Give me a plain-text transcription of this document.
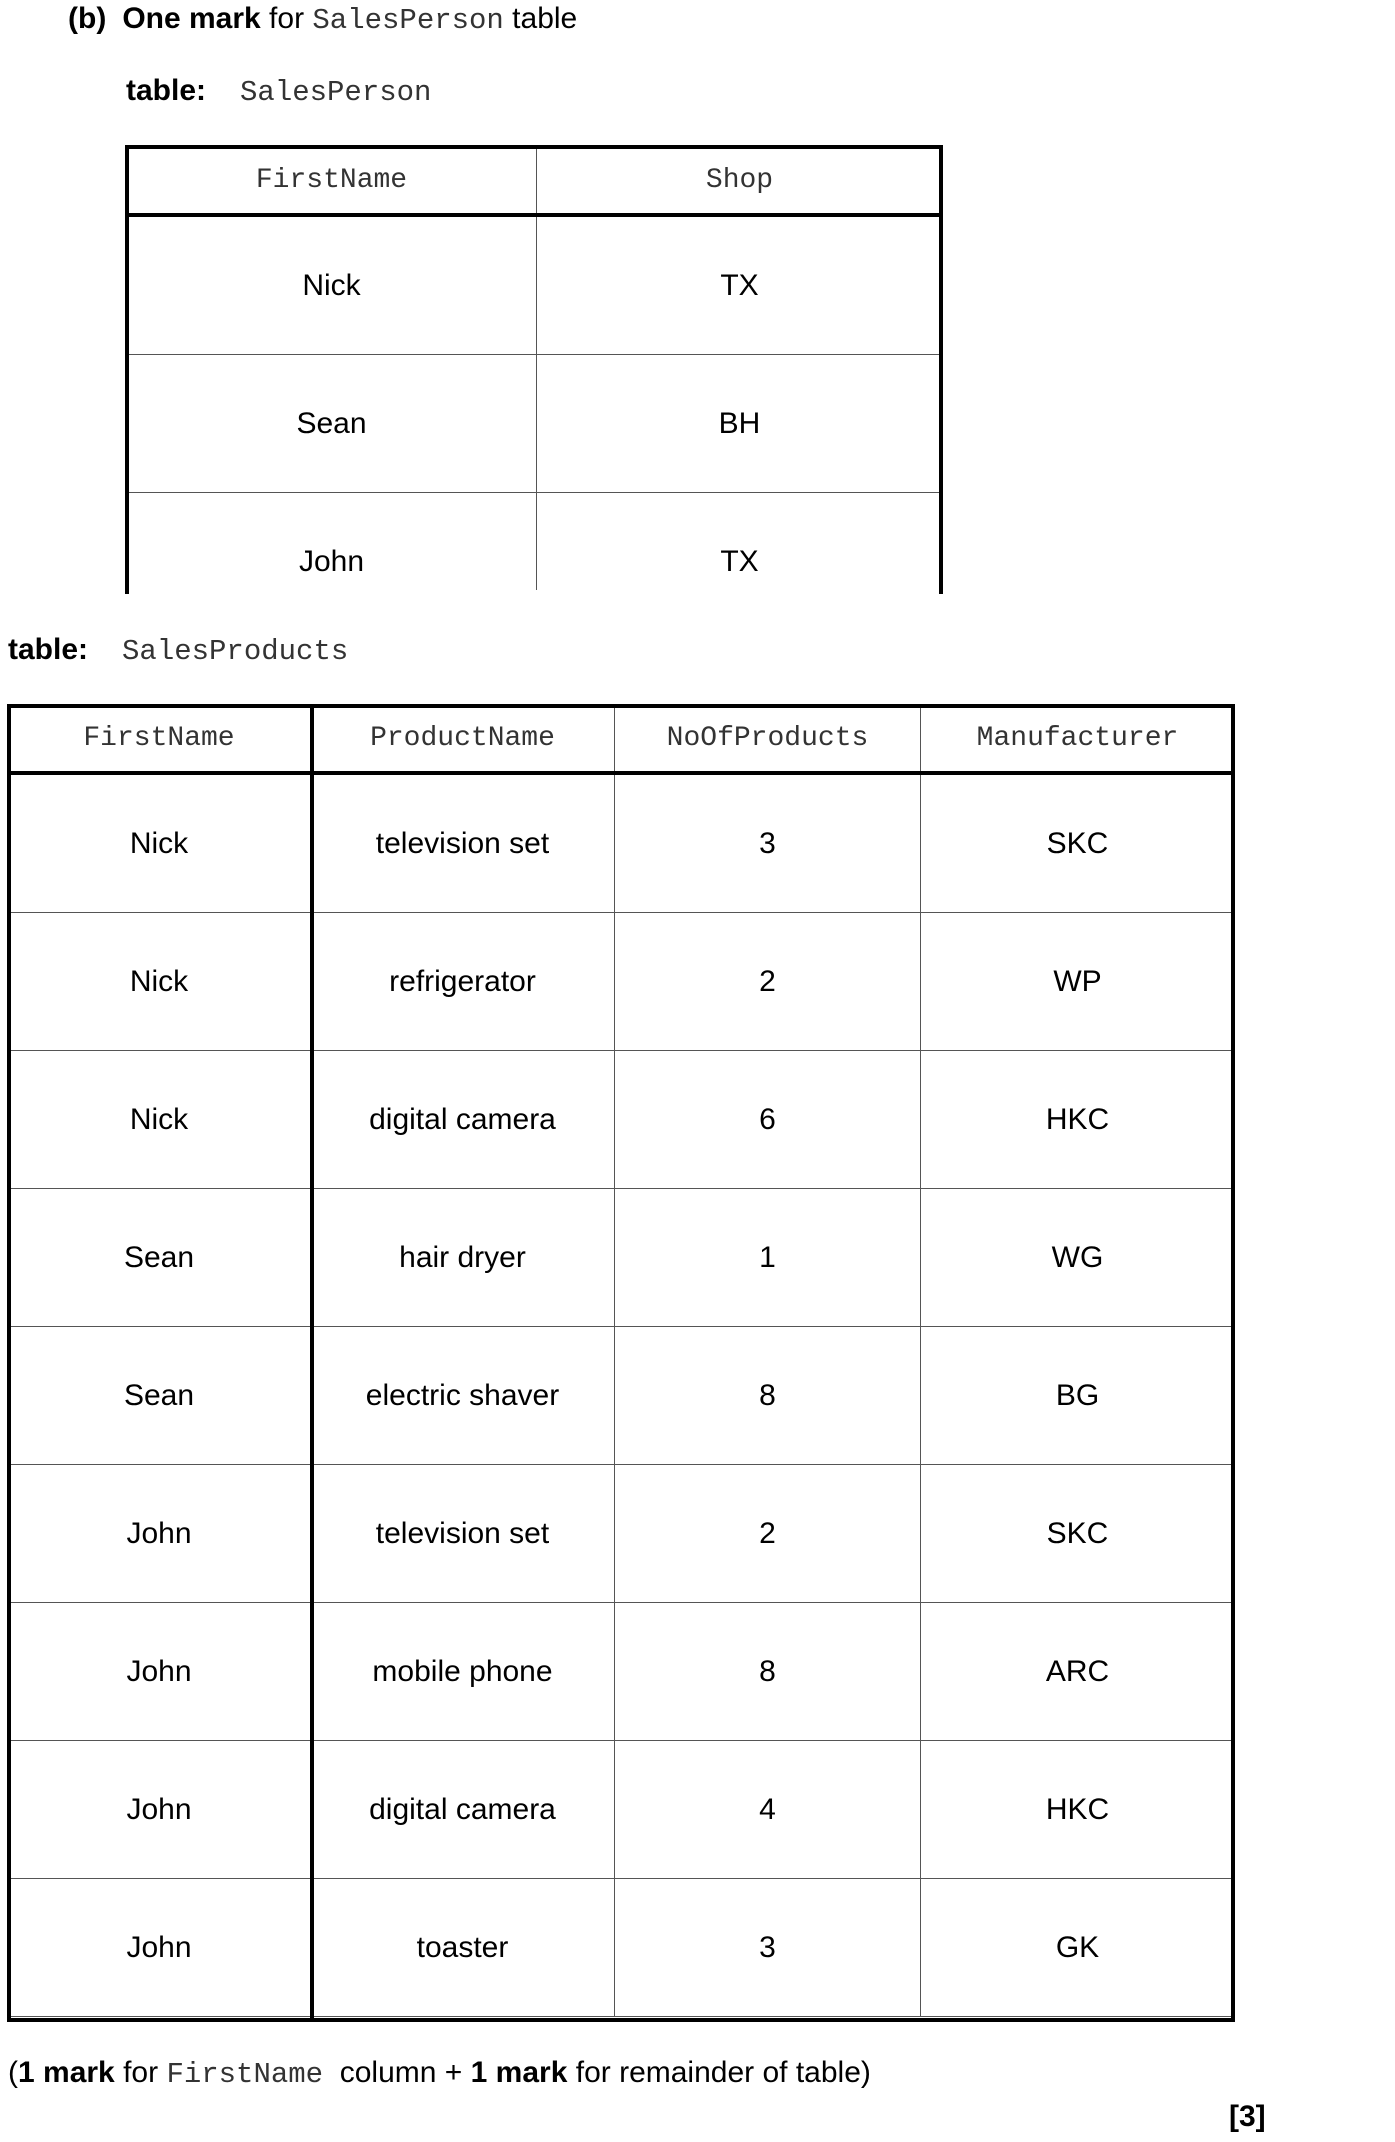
(b) One mark for SalesPerson table
table: SalesPerson
FirstName	Shop
Nick	TX
Sean	BH
John	TX
table: SalesProducts
FirstName	ProductName	NoOfProducts	Manufacturer
Nick	television set	3	SKC
Nick	refrigerator	2	WP
Nick	digital camera	6	HKC
Sean	hair dryer	1	WG
Sean	electric shaver	8	BG
John	television set	2	SKC
John	mobile phone	8	ARC
John	digital camera	4	HKC
John	toaster	3	GK
(1 mark for FirstName  column + 1 mark for remainder of table)
[3]
